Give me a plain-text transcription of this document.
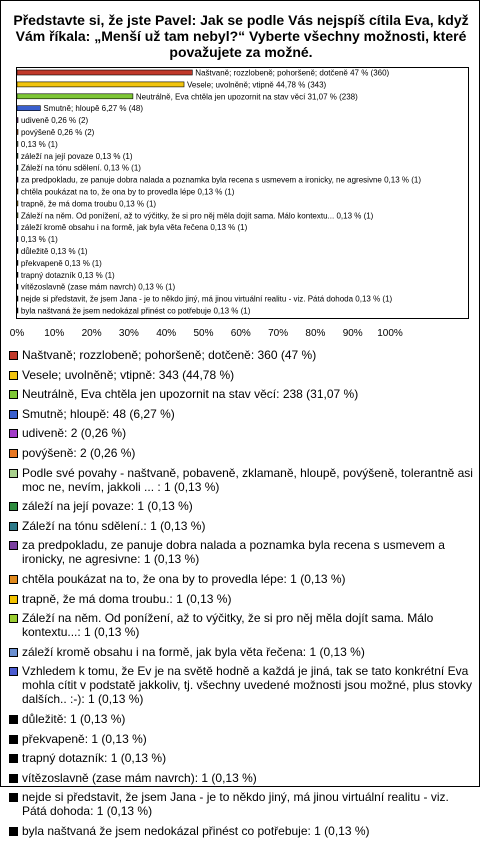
Představte si, že jste Pavel: Jak se podle Vás nejspíš cítila Eva, když Vám říkala: „Menší už tam nebyl?“ Vyberte všechny možnosti, které považujete za možné.
Naštvaně; rozzlobeně; pohoršeně; dotčeně 47 % (360)
Vesele; uvolněně; vtipně 44,78 % (343)
Neutrálně, Eva chtěla jen upozornit na stav věcí 31,07 % (238)
Smutně; hloupě 6,27 % (48)
udiveně 0,26 % (2)
povýšeně 0,26 % (2)
0,13 % (1)
záleží na její povaze 0,13 % (1)
Záleží na tónu sdělení. 0,13 % (1)
za predpokladu, ze panuje dobra nalada a poznamka byla recena s usmevem a ironicky, ne agresivne 0,13 % (1)
chtěla poukázat na to, že ona by to provedla lépe 0,13 % (1)
trapně, že má doma troubu 0,13 % (1)
Záleží na něm. Od ponížení, až to výčitky, že si pro něj měla dojít sama. Málo kontextu... 0,13 % (1)
záleží kromě obsahu i na formě, jak byla věta řečena 0,13 % (1)
0,13 % (1)
důležitě 0,13 % (1)
překvapeně 0,13 % (1)
trapný dotazník 0,13 % (1)
vítězoslavně (zase mám navrch) 0,13 % (1)
nejde si představit, že jsem Jana - je to někdo jiný, má jinou virtuální realitu - viz. Pátá dohoda 0,13 % (1)
byla naštvaná že jsem nedokázal přinést co potřebuje 0,13 % (1)
0% 10% 20% 30% 40% 50% 60% 70% 80% 90% 100%
Naštvaně; rozzlobeně; pohoršeně; dotčeně: 360 (47 %)
Vesele; uvolněně; vtipně: 343 (44,78 %)
Neutrálně, Eva chtěla jen upozornit na stav věcí: 238 (31,07 %)
Smutně; hloupě: 48 (6,27 %)
udiveně: 2 (0,26 %)
povýšeně: 2 (0,26 %)
Podle své povahy - naštvaně, pobaveně, zklamaně, hloupě, povýšeně, tolerantně asi moc ne, nevím, jakkoli ... : 1 (0,13 %)
záleží na její povaze: 1 (0,13 %)
Záleží na tónu sdělení.: 1 (0,13 %)
za predpokladu, ze panuje dobra nalada a poznamka byla recena s usmevem a ironicky, ne agresivne: 1 (0,13 %)
chtěla poukázat na to, že ona by to provedla lépe: 1 (0,13 %)
trapně, že má doma troubu.: 1 (0,13 %)
Záleží na něm. Od ponížení, až to výčitky, že si pro něj měla dojít sama. Málo kontextu...: 1 (0,13 %)
záleží kromě obsahu i na formě, jak byla věta řečena: 1 (0,13 %)
Vzhledem k tomu, že Ev je na světě hodně a každá je jiná, tak se tato konkrétní Eva mohla cítit v podstatě jakkoliv, tj. všechny uvedené možnosti jsou možné, plus stovky dalších.. :-): 1 (0,13 %)
důležitě: 1 (0,13 %)
překvapeně: 1 (0,13 %)
trapný dotazník: 1 (0,13 %)
vítězoslavně (zase mám navrch): 1 (0,13 %)
nejde si představit, že jsem Jana - je to někdo jiný, má jinou virtuální realitu - viz. Pátá dohoda: 1 (0,13 %)
byla naštvaná že jsem nedokázal přinést co potřebuje: 1 (0,13 %)
